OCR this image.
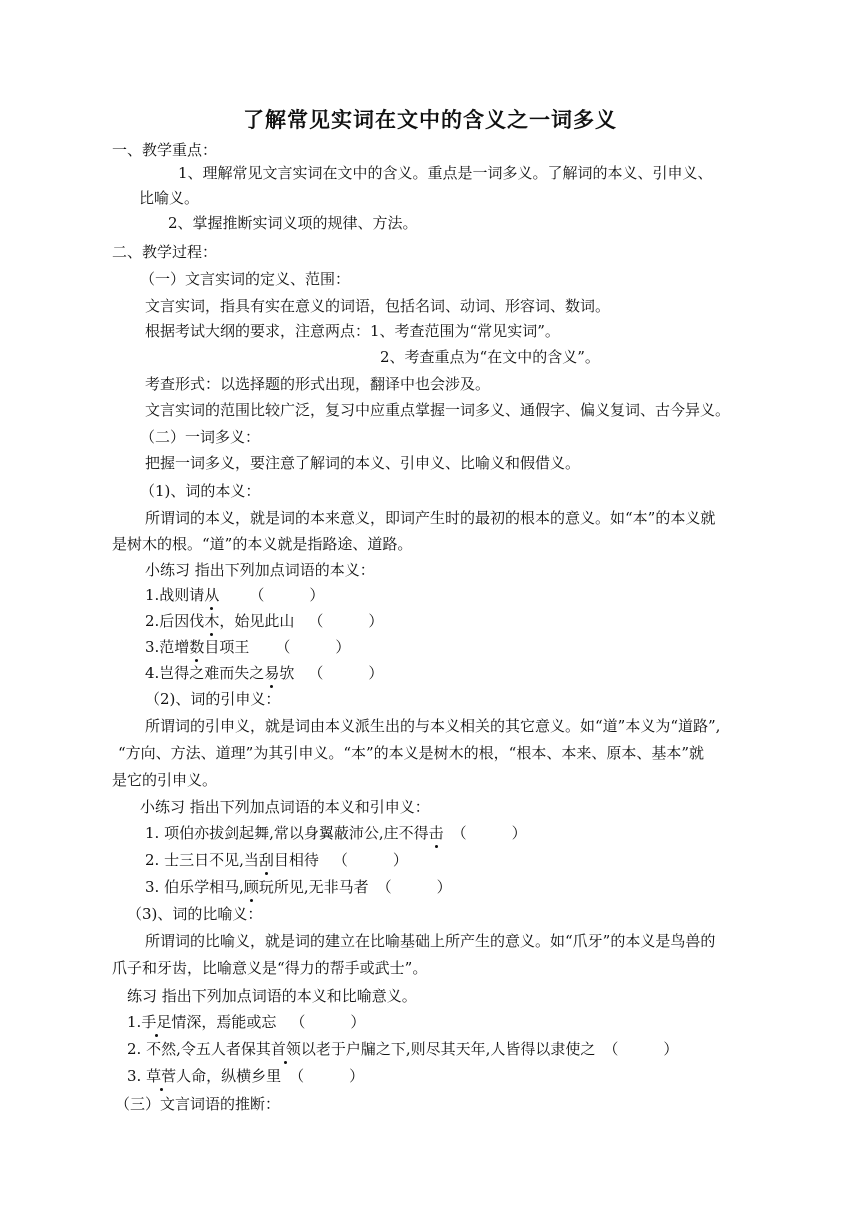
了解常见实词在文中的含义之一词多义
一、教学重点：
1、理解常见文言实词在文中的含义。重点是一词多义。了解词的本义、引申义、
比喻义。
2、掌握推断实词义项的规律、方法。
二、教学过程：
（一）文言实词的定义、范围：
文言实词，指具有实在意义的词语，包括名词、动词、形容词、数词。
根据考试大纲的要求，注意两点：1、考查范围为“常见实词”。
2、考查重点为“在文中的含义”。
考查形式：以选择题的形式出现，翻译中也会涉及。
文言实词的范围比较广泛，复习中应重点掌握一词多义、通假字、偏义复词、古今异义。
（二）一词多义：
把握一词多义，要注意了解词的本义、引申义、比喻义和假借义。
（1)、词的本义：
所谓词的本义，就是词的本来意义，即词产生时的最初的根本的意义。如“本”的本义就
是树木的根。“道”的本义就是指路途、道路。
小练习 指出下列加点词语的本义：
1.战则请从 （　　　）
2.后因伐木，始见此山 （　　　）
3.范增数目项王 （　　　）
4.岂得之难而失之易欤 （　　　）
（2)、词的引申义：
所谓词的引申义，就是词由本义派生出的与本义相关的其它意义。如“道”本义为“道路”,
“方向、方法、道理”为其引申义。“本”的本义是树木的根，“根本、本来、原本、基本”就
是它的引申义。
小练习 指出下列加点词语的本义和引申义：
1. 项伯亦拔剑起舞,常以身翼蔽沛公,庄不得击 （　　　）
2. 士三日不见,当刮目相待 （　　　）
3. 伯乐学相马,顾玩所见,无非马者 （　　　）
（3)、词的比喻义：
所谓词的比喻义，就是词的建立在比喻基础上所产生的意义。如“爪牙”的本义是鸟兽的
爪子和牙齿，比喻意义是“得力的帮手或武士”。
练习 指出下列加点词语的本义和比喻意义。
1.手足情深，焉能或忘 （　　　）
2. 不然,令五人者保其首领以老于户牖之下,则尽其天年,人皆得以隶使之 （　　　）
3. 草菅人命，纵横乡里 （　　　）
（三）文言词语的推断：
